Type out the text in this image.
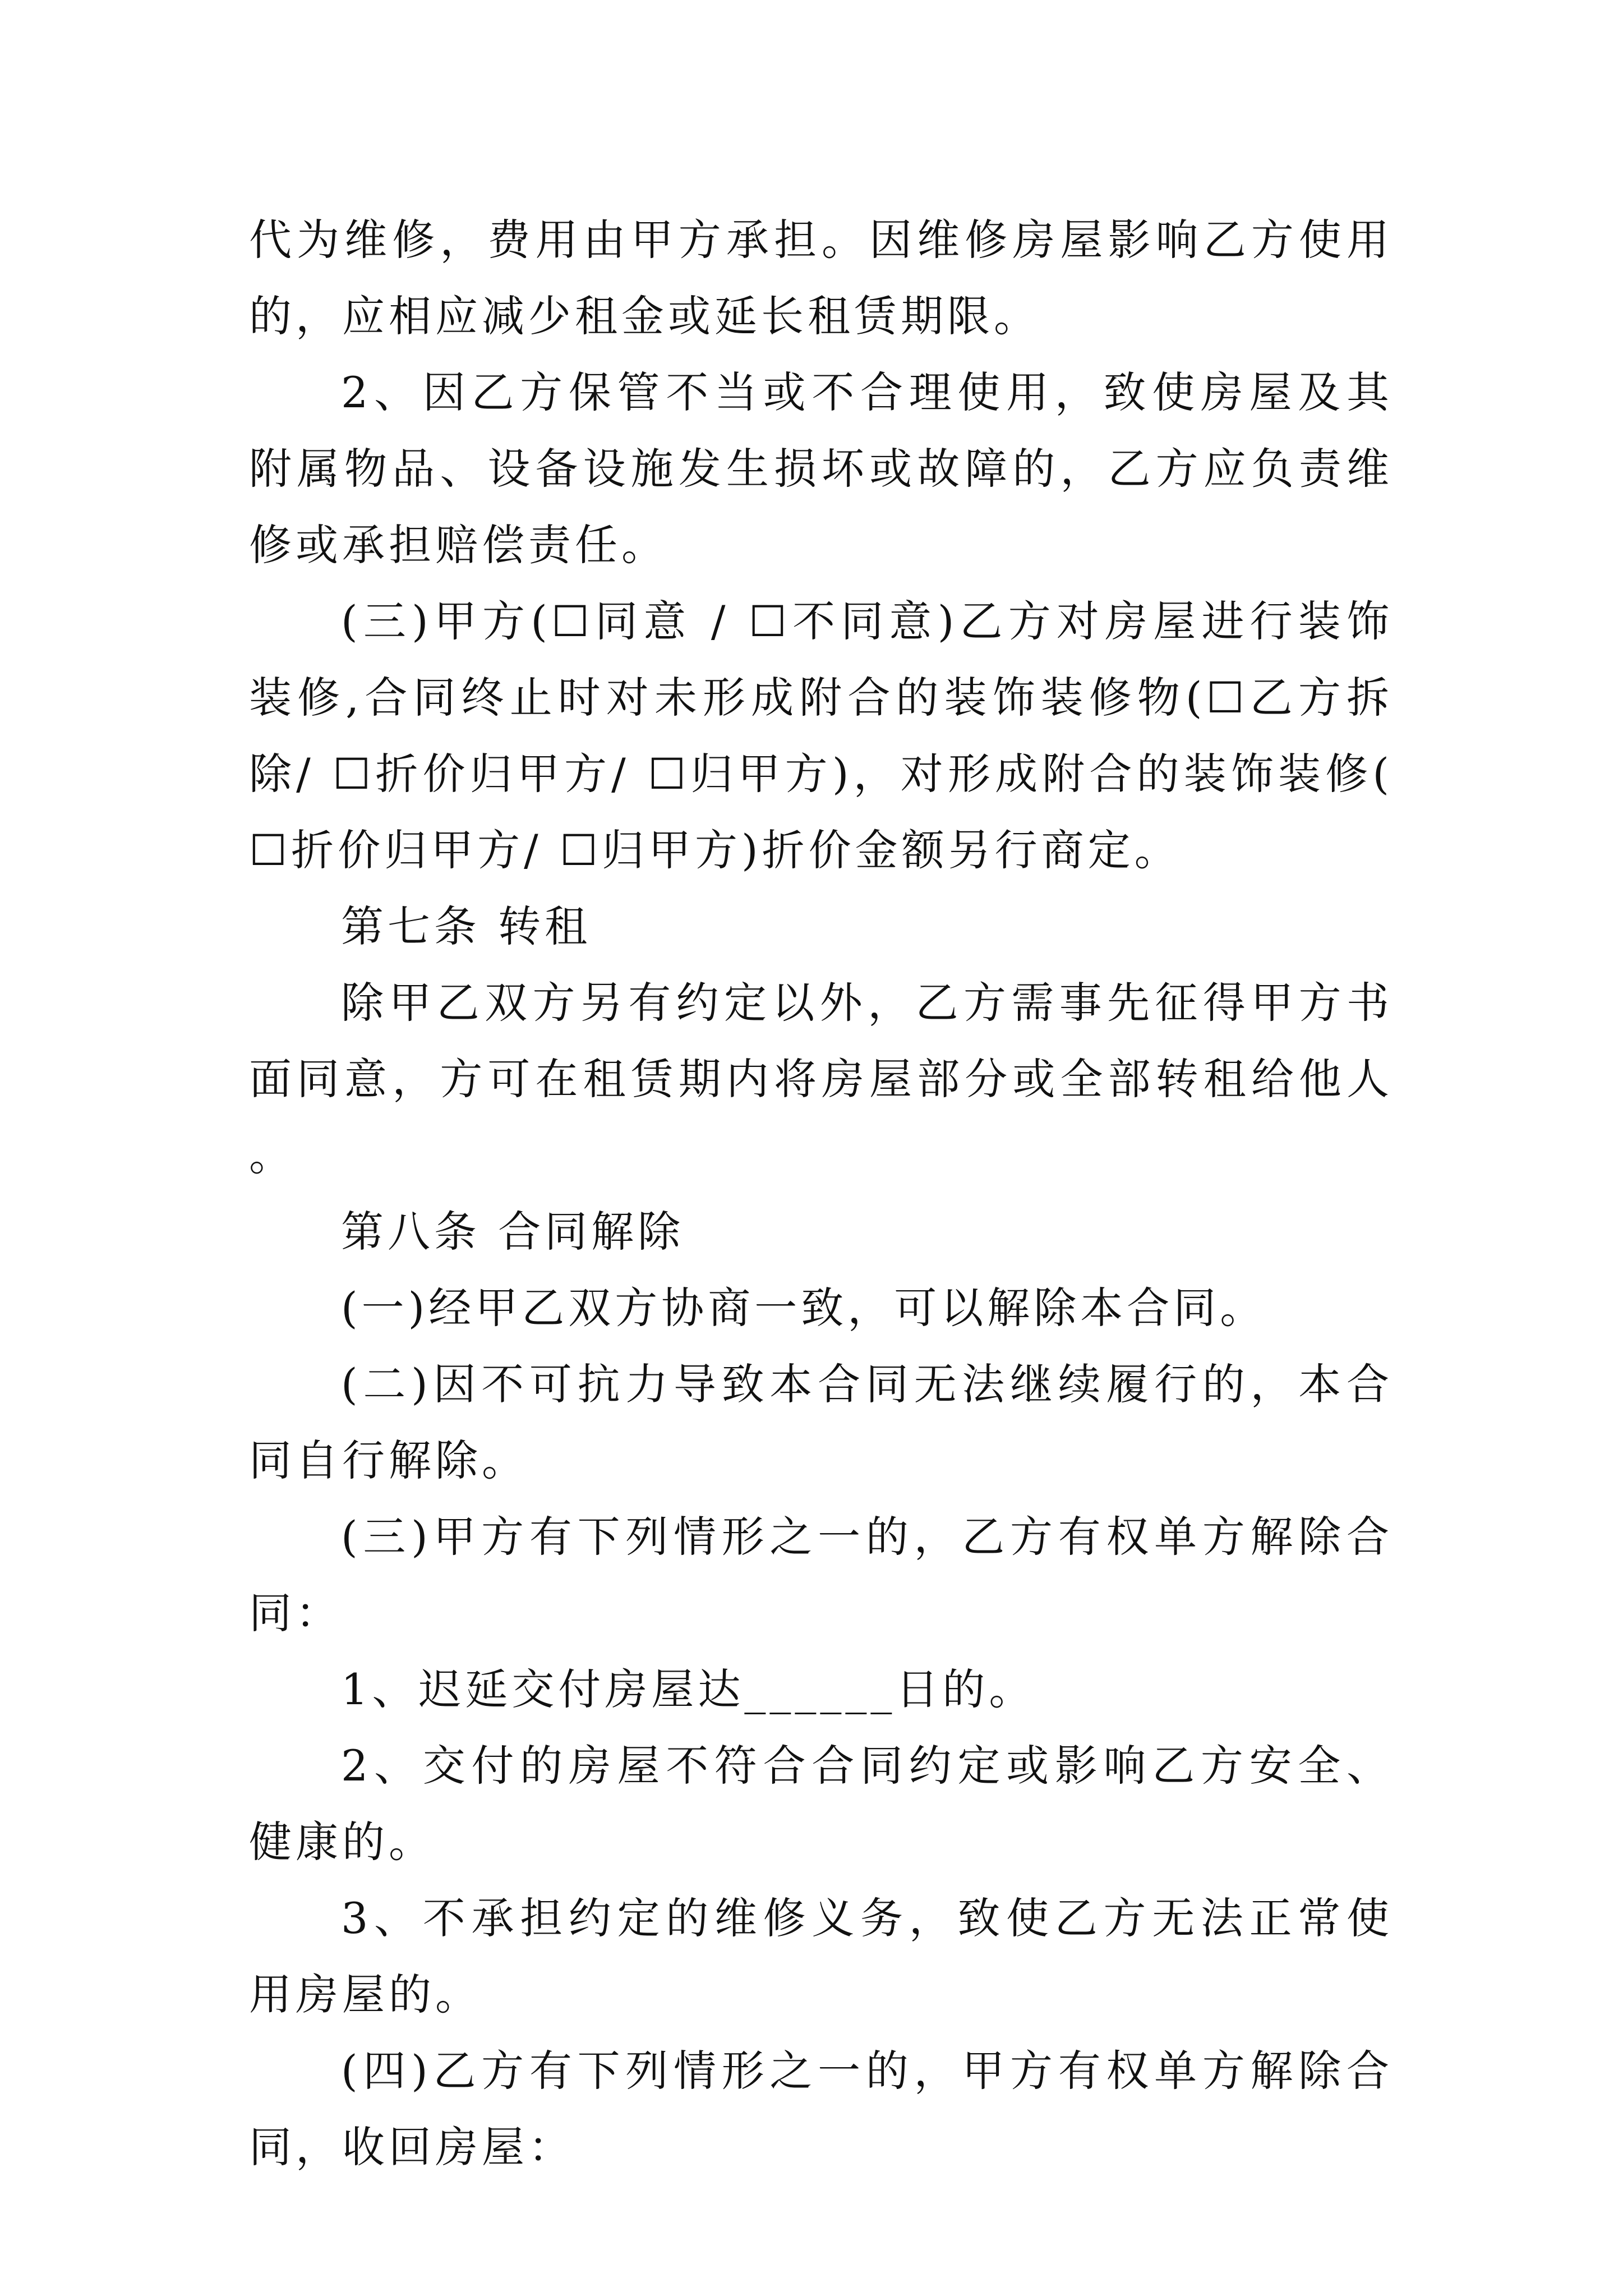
代为维修，费用由甲方承担。因维修房屋影响乙方使用的，应相应减少租金或延长租赁期限。

2、因乙方保管不当或不合理使用，致使房屋及其附属物品、设备设施发生损坏或故障的，乙方应负责维修或承担赔偿责任。

(三)甲方(☐同意 / ☐不同意)乙方对房屋进行装饰装修,合同终止时对未形成附合的装饰装修物(☐乙方拆除/ ☐折价归甲方/ ☐归甲方)，对形成附合的装饰装修(☐折价归甲方/ ☐归甲方)折价金额另行商定。

第七条 转租

除甲乙双方另有约定以外，乙方需事先征得甲方书面同意，方可在租赁期内将房屋部分或全部转租给他人。

第八条 合同解除

(一)经甲乙双方协商一致，可以解除本合同。

(二)因不可抗力导致本合同无法继续履行的，本合同自行解除。

(三)甲方有下列情形之一的，乙方有权单方解除合同：

1、迟延交付房屋达______日的。

2、交付的房屋不符合合同约定或影响乙方安全、健康的。

3、不承担约定的维修义务，致使乙方无法正常使用房屋的。

(四)乙方有下列情形之一的，甲方有权单方解除合同，收回房屋：
